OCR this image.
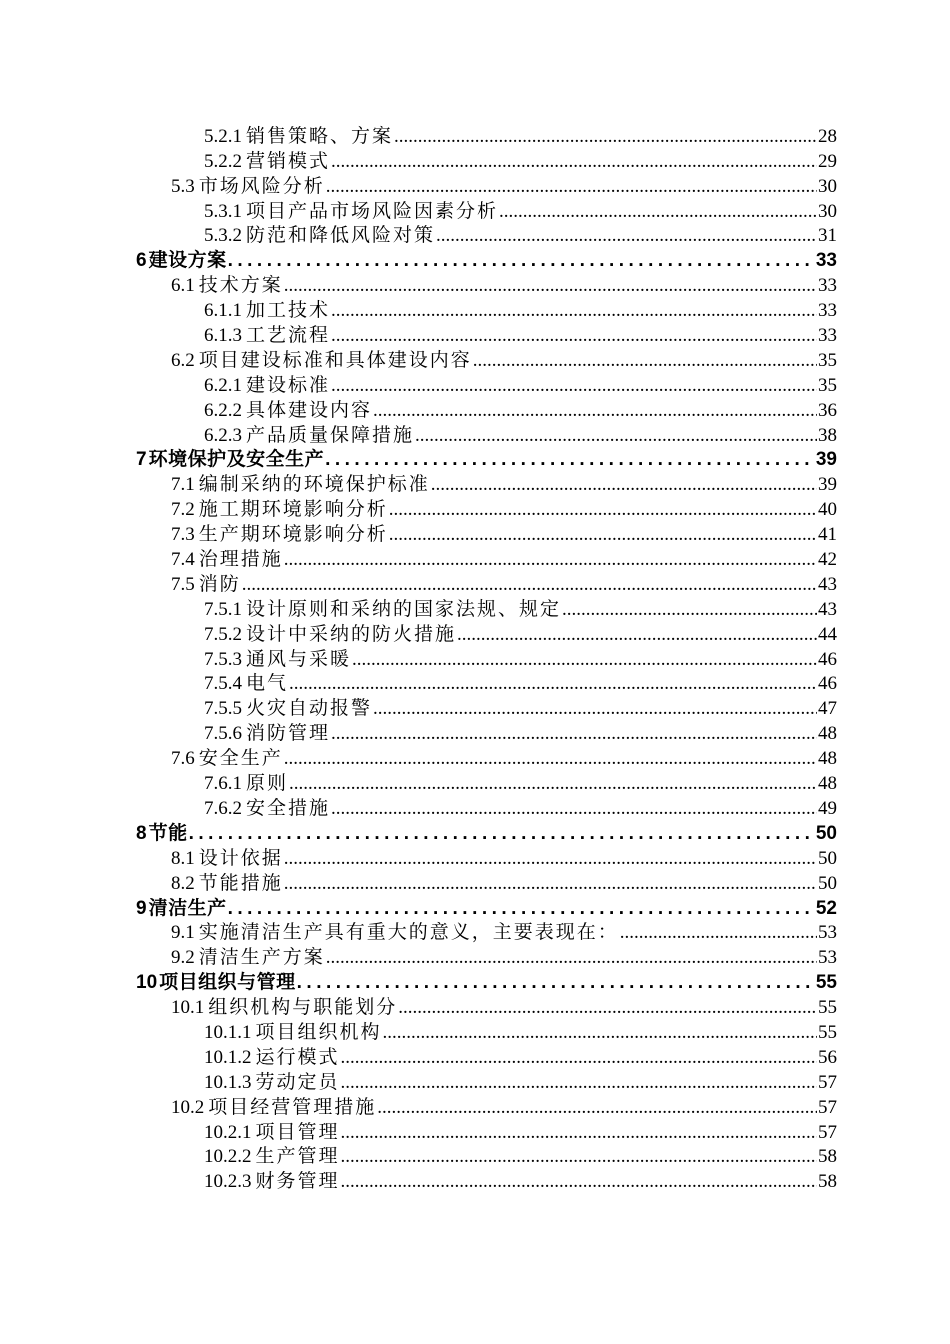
5.2.1 销售策略、方案 .....	28
5.2.2 营销模式 .....	29
5.3 市场风险分析 .....	30
5.3.1 项目产品市场风险因素分析 .....	30
5.3.2 防范和降低风险对策 .....	31
6 建设方案 .....	33
6.1 技术方案 .....	33
6.1.1 加工技术 .....	33
6.1.3 工艺流程 .....	33
6.2 项目建设标准和具体建设内容 .....	35
6.2.1 建设标准 .....	35
6.2.2 具体建设内容 .....	36
6.2.3 产品质量保障措施 .....	38
7 环境保护及安全生产 .....	39
7.1 编制采纳的环境保护标准 .....	39
7.2 施工期环境影响分析 .....	40
7.3 生产期环境影响分析 .....	41
7.4 治理措施 .....	42
7.5 消防 .....	43
7.5.1 设计原则和采纳的国家法规、规定 .....	43
7.5.2 设计中采纳的防火措施 .....	44
7.5.3 通风与采暖 .....	46
7.5.4 电气 .....	46
7.5.5 火灾自动报警 .....	47
7.5.6 消防管理 .....	48
7.6 安全生产 .....	48
7.6.1 原则 .....	48
7.6.2 安全措施 .....	49
8 节能 .....	50
8.1 设计依据 .....	50
8.2 节能措施 .....	50
9 清洁生产 .....	52
9.1 实施清洁生产具有重大的意义，主要表现在： .....	53
9.2 清洁生产方案 .....	53
10 项目组织与管理 .....	55
10.1 组织机构与职能划分 .....	55
10.1.1 项目组织机构 .....	55
10.1.2 运行模式 .....	56
10.1.3 劳动定员 .....	57
10.2 项目经营管理措施 .....	57
10.2.1 项目管理 .....	57
10.2.2 生产管理 .....	58
10.2.3 财务管理 .....	58
